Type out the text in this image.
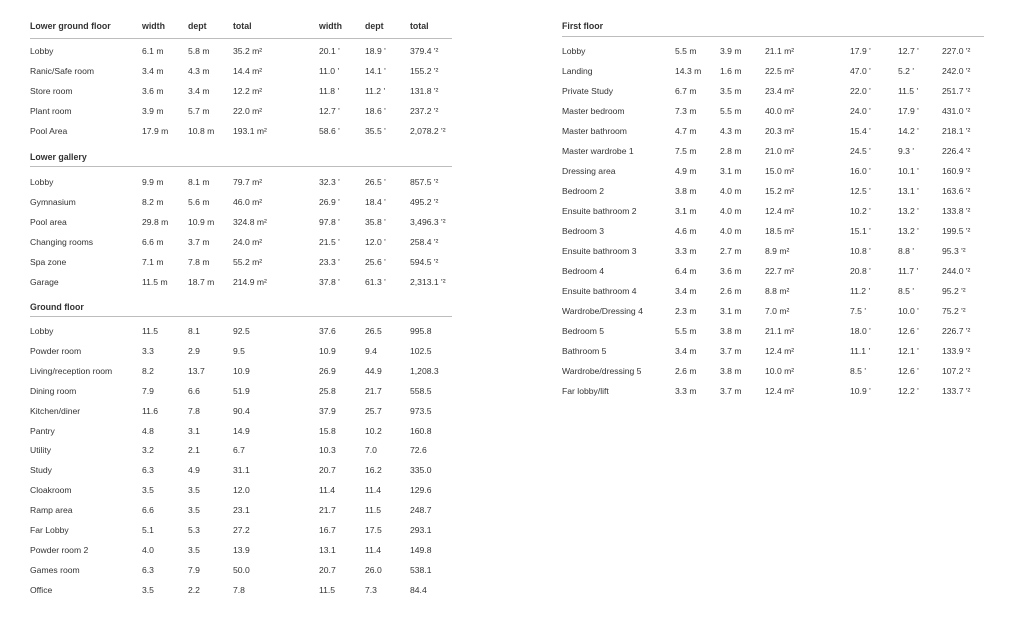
Lower ground floor	width	dept	total	width	dept	total
Lobby	6.1 m	5.8 m	35.2 m²	20.1 '	18.9 '	379.4 '²
Ranic/Safe room	3.4 m	4.3 m	14.4 m²	11.0 '	14.1 '	155.2 '²
Store room	3.6 m	3.4 m	12.2 m²	11.8 '	11.2 '	131.8 '²
Plant room	3.9 m	5.7 m	22.0 m²	12.7 '	18.6 '	237.2 '²
Pool Area	17.9 m 10.8 m 193.1 m²	58.6 '	35.5 '	2,078.2 '²
Lower gallery
Lobby	9.9 m	8.1 m	79.7 m²	32.3 '	26.5 '	857.5 '²
Gymnasium	8.2 m	5.6 m	46.0 m²	26.9 '	18.4 '	495.2 '²
Pool area	29.8 m 10.9 m 324.8 m²	97.8 '	35.8 '	3,496.3 '²
Changing rooms	6.6 m	3.7 m	24.0 m²	21.5 '	12.0 '	258.4 '²
Spa zone	7.1 m	7.8 m	55.2 m²	23.3 '	25.6 '	594.5 '²
Garage	11.5 m 18.7 m 214.9 m²	37.8 '	61.3 '	2,313.1 '²
Ground floor
Lobby	11.5	8.1	92.5	37.6	26.5	995.8
Powder room	3.3	2.9	9.5	10.9	9.4	102.5
Living/reception room	8.2	13.7	10.9	26.9	44.9	1,208.3
Dining room	7.9	6.6	51.9	25.8	21.7	558.5
Kitchen/diner	11.6	7.8	90.4	37.9	25.7	973.5
Pantry	4.8	3.1	14.9	15.8	10.2	160.8
Utility	3.2	2.1	6.7	10.3	7.0	72.6
Study	6.3	4.9	31.1	20.7	16.2	335.0
Cloakroom	3.5	3.5	12.0	11.4	11.4	129.6
Ramp area	6.6	3.5	23.1	21.7	11.5	248.7
Far Lobby	5.1	5.3	27.2	16.7	17.5	293.1
Powder room 2	4.0	3.5	13.9	13.1	11.4	149.8
Games room	6.3	7.9	50.0	20.7	26.0	538.1
Office	3.5	2.2	7.8	11.5	7.3	84.4
First floor
Lobby	5.5 m	3.9 m	21.1 m²	17.9 '	12.7 '	227.0 '²
Landing	14.3 m 1.6 m	22.5 m²	47.0 '	5.2 '	242.0 '²
Private Study	6.7 m	3.5 m	23.4 m²	22.0 '	11.5 '	251.7 '²
Master bedroom	7.3 m	5.5 m	40.0 m²	24.0 '	17.9 '	431.0 '²
Master bathroom	4.7 m	4.3 m	20.3 m²	15.4 '	14.2 '	218.1 '²
Master wardrobe 1	7.5 m	2.8 m	21.0 m²	24.5 '	9.3 '	226.4 '²
Dressing area	4.9 m	3.1 m	15.0 m²	16.0 '	10.1 '	160.9 '²
Bedroom 2	3.8 m	4.0 m	15.2 m²	12.5 '	13.1 '	163.6 '²
Ensuite bathroom 2	3.1 m	4.0 m	12.4 m²	10.2 '	13.2 '	133.8 '²
Bedroom 3	4.6 m	4.0 m	18.5 m²	15.1 '	13.2 '	199.5 '²
Ensuite bathroom 3	3.3 m	2.7 m	8.9 m²	10.8 '	8.8 '	95.3 '²
Bedroom 4	6.4 m	3.6 m	22.7 m²	20.8 '	11.7 '	244.0 '²
Ensuite bathroom 4	3.4 m	2.6 m	8.8 m²	11.2 '	8.5 '	95.2 '²
Wardrobe/Dressing 4	2.3 m	3.1 m	7.0 m²	7.5 '	10.0 '	75.2 '²
Bedroom 5	5.5 m	3.8 m	21.1 m²	18.0 '	12.6 '	226.7 '²
Bathroom 5	3.4 m	3.7 m	12.4 m²	11.1 '	12.1 '	133.9 '²
Wardrobe/dressing 5	2.6 m	3.8 m	10.0 m²	8.5 '	12.6 '	107.2 '²
Far lobby/lift	3.3 m	3.7 m	12.4 m²	10.9 '	12.2 '	133.7 '²
